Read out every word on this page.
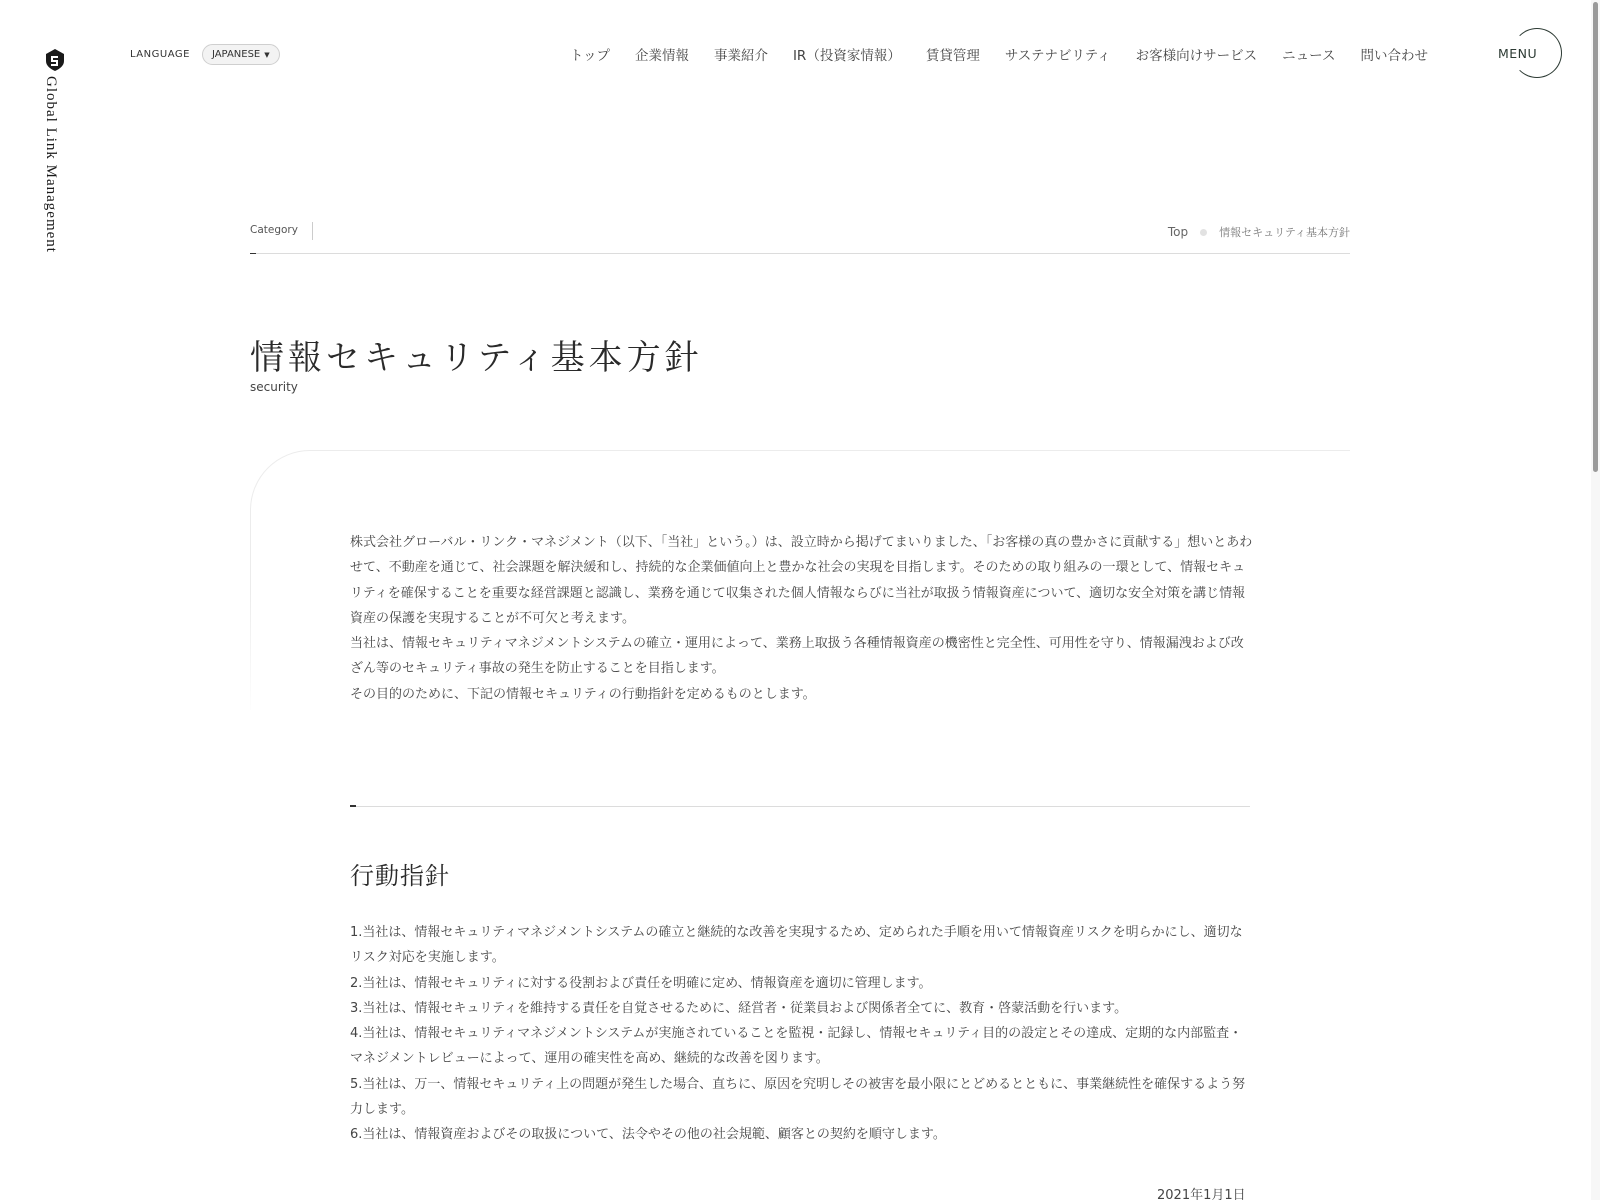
Global Link Management
LANGUAGE JAPANESE ▼	トップ 企業情報 事業紹介 IR（投資家情報） 賃貸管理 サステナビリティ お客様向けサービス ニュース 問い合わせ	MENU
Category	Top	情報セキュリティ基本方針
情報セキュリティ基本方針
security

株式会社グローバル・リンク・マネジメント（以下、「当社」という。）は、設立時から掲げてまいりました、「お客様の真の豊かさに貢献する」想いとあわせて、不動産を通じて、社会課題を解決緩和し、持続的な企業価値向上と豊かな社会の実現を目指します。そのための取り組みの一環として、情報セキュリティを確保することを重要な経営課題と認識し、業務を通じて収集された個人情報ならびに当社が取扱う情報資産について、適切な安全対策を講じ情報資産の保護を実現することが不可欠と考えます。

当社は、情報セキュリティマネジメントシステムの確立・運用によって、業務上取扱う各種情報資産の機密性と完全性、可用性を守り、情報漏洩および改ざん等のセキュリティ事故の発生を防止することを目指します。

その目的のために、下記の情報セキュリティの行動指針を定めるものとします。

行動指針
1.当社は、情報セキュリティマネジメントシステムの確立と継続的な改善を実現するため、定められた手順を用いて情報資産リスクを明らかにし、適切なリスク対応を実施します。
2.当社は、情報セキュリティに対する役割および責任を明確に定め、情報資産を適切に管理します。
3.当社は、情報セキュリティを維持する責任を自覚させるために、経営者・従業員および関係者全てに、教育・啓蒙活動を行います。
4.当社は、情報セキュリティマネジメントシステムが実施されていることを監視・記録し、情報セキュリティ目的の設定とその達成、定期的な内部監査・マネジメントレビューによって、運用の確実性を高め、継続的な改善を図ります。
5.当社は、万一、情報セキュリティ上の問題が発生した場合、直ちに、原因を究明しその被害を最小限にとどめるとともに、事業継続性を確保するよう努力します。
6.当社は、情報資産およびその取扱について、法令やその他の社会規範、顧客との契約を順守します。
2021年1月1日
